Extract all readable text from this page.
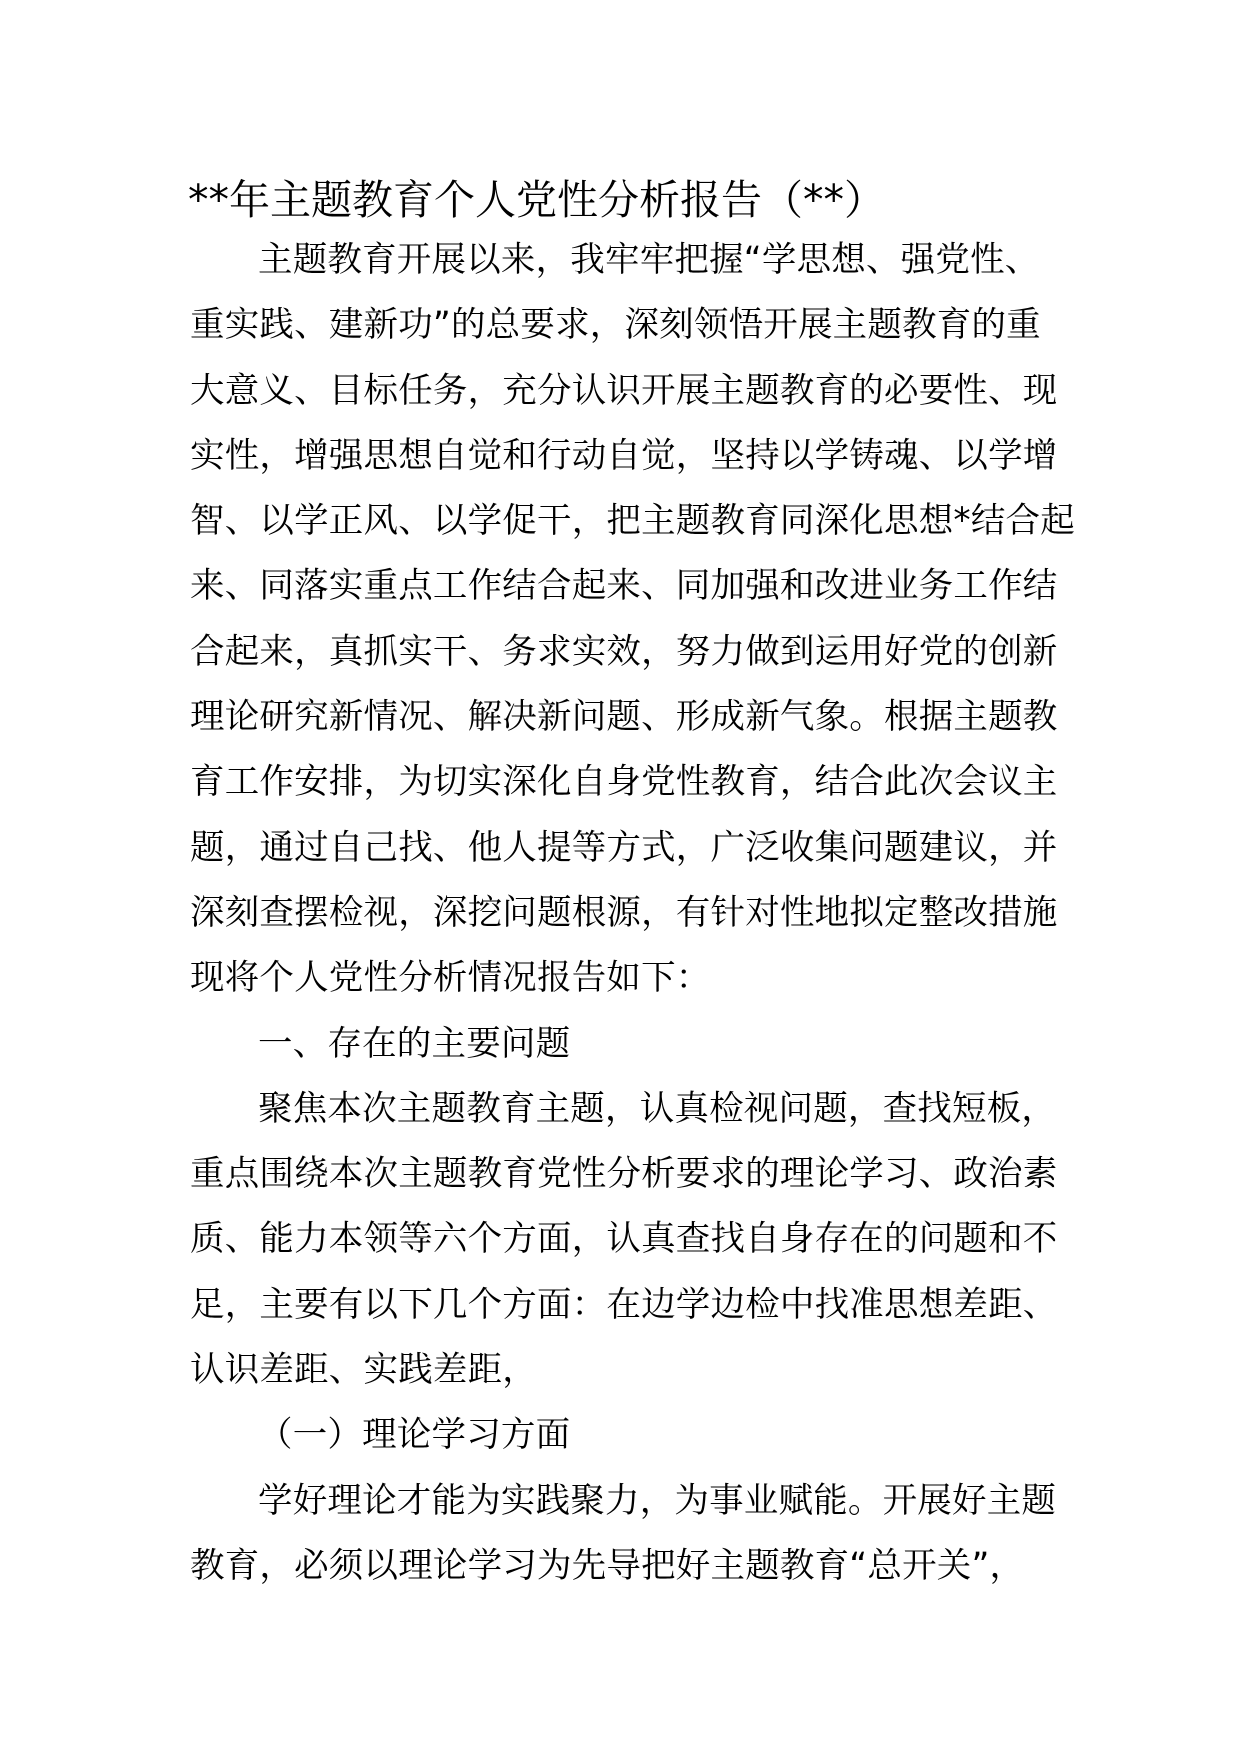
**年主题教育个人党性分析报告（**）
主题教育开展以来，我牢牢把握“学思想、强党性、
重实践、建新功”的总要求，深刻领悟开展主题教育的重
大意义、目标任务，充分认识开展主题教育的必要性、现
实性，增强思想自觉和行动自觉，坚持以学铸魂、以学增
智、以学正风、以学促干，把主题教育同深化思想*结合起
来、同落实重点工作结合起来、同加强和改进业务工作结
合起来，真抓实干、务求实效，努力做到运用好党的创新
理论研究新情况、解决新问题、形成新气象。根据主题教
育工作安排，为切实深化自身党性教育，结合此次会议主
题，通过自己找、他人提等方式，广泛收集问题建议，并
深刻查摆检视，深挖问题根源，有针对性地拟定整改措施
现将个人党性分析情况报告如下：
一、存在的主要问题
聚焦本次主题教育主题，认真检视问题，查找短板，
重点围绕本次主题教育党性分析要求的理论学习、政治素
质、能力本领等六个方面，认真查找自身存在的问题和不
足，主要有以下几个方面：在边学边检中找准思想差距、
认识差距、实践差距，
（一）理论学习方面
学好理论才能为实践聚力，为事业赋能。开展好主题
教育，必须以理论学习为先导把好主题教育“总开关”，
